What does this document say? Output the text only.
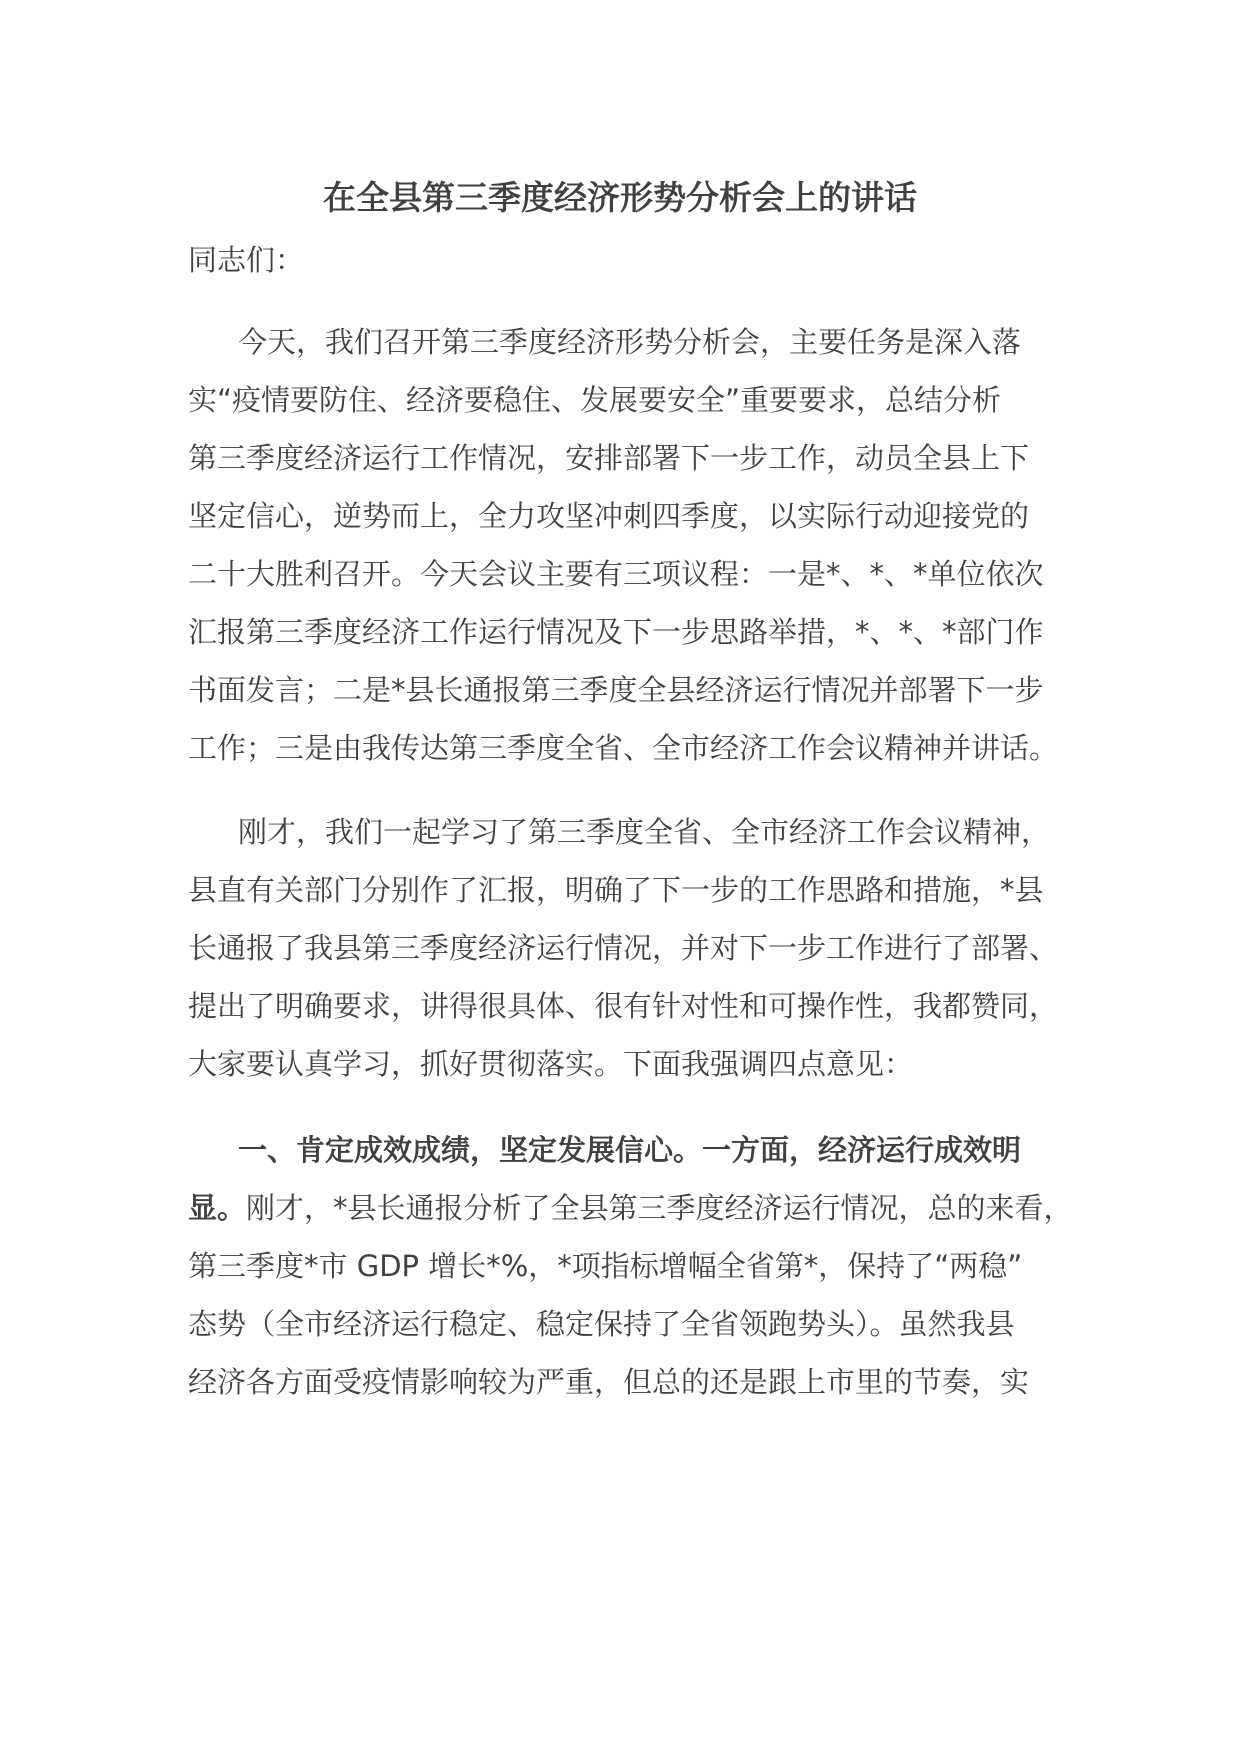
在全县第三季度经济形势分析会上的讲话

同志们：

今天，我们召开第三季度经济形势分析会，主要任务是深入落

实“疫情要防住、经济要稳住、发展要安全”重要要求，总结分析

第三季度经济运行工作情况，安排部署下一步工作，动员全县上下

坚定信心，逆势而上，全力攻坚冲刺四季度，以实际行动迎接党的

二十大胜利召开。今天会议主要有三项议程：一是*、*、*单位依次

汇报第三季度经济工作运行情况及下一步思路举措，*、*、*部门作

书面发言；二是*县长通报第三季度全县经济运行情况并部署下一步

工作；三是由我传达第三季度全省、全市经济工作会议精神并讲话。

刚才，我们一起学习了第三季度全省、全市经济工作会议精神，

县直有关部门分别作了汇报，明确了下一步的工作思路和措施，*县

长通报了我县第三季度经济运行情况，并对下一步工作进行了部署、

提出了明确要求，讲得很具体、很有针对性和可操作性，我都赞同，

大家要认真学习，抓好贯彻落实。下面我强调四点意见：

一、肯定成效成绩，坚定发展信心。一方面，经济运行成效明

显。刚才，*县长通报分析了全县第三季度经济运行情况，总的来看，

第三季度*市 GDP 增长*%，*项指标增幅全省第*，保持了“两稳”

态势（全市经济运行稳定、稳定保持了全省领跑势头）。虽然我县

经济各方面受疫情影响较为严重，但总的还是跟上市里的节奏，实
